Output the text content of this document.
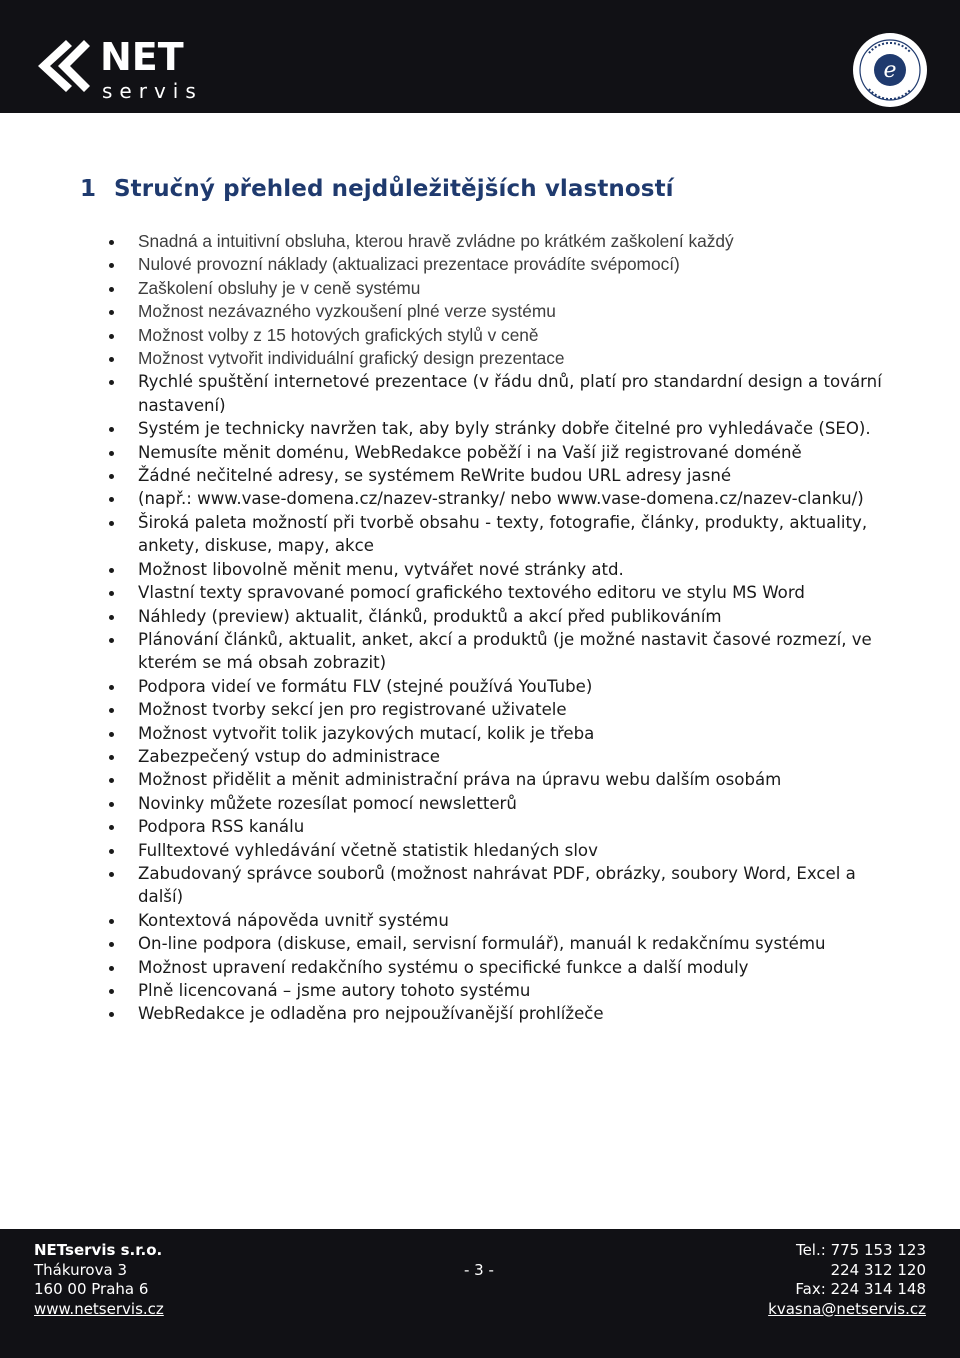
NET
servis
e
1 Stručný přehled nejdůležitějších vlastností
Snadná a intuitivní obsluha, kterou hravě zvládne po krátkém zaškolení každý
Nulové provozní náklady (aktualizaci prezentace provádíte svépomocí)
Zaškolení obsluhy je v ceně systému
Možnost nezávazného vyzkoušení plné verze systému
Možnost volby z 15 hotových grafických stylů v ceně
Možnost vytvořit individuální grafický design prezentace
Rychlé spuštění internetové prezentace (v řádu dnů, platí pro standardní design a tovární nastavení)
Systém je technicky navržen tak, aby byly stránky dobře čitelné pro vyhledávače (SEO).
Nemusíte měnit doménu, WebRedakce poběží i na Vaší již registrované doméně
Žádné nečitelné adresy, se systémem ReWrite budou URL adresy jasné
(např.: www.vase-domena.cz/nazev-stranky/ nebo www.vase-domena.cz/nazev-clanku/)
Široká paleta možností při tvorbě obsahu - texty, fotografie, články, produkty, aktuality, ankety, diskuse, mapy, akce
Možnost libovolně měnit menu, vytvářet nové stránky atd.
Vlastní texty spravované pomocí grafického textového editoru ve stylu MS Word
Náhledy (preview) aktualit, článků, produktů a akcí před publikováním
Plánování článků, aktualit, anket, akcí a produktů (je možné nastavit časové rozmezí, ve kterém se má obsah zobrazit)
Podpora videí ve formátu FLV (stejné používá YouTube)
Možnost tvorby sekcí jen pro registrované uživatele
Možnost vytvořit tolik jazykových mutací, kolik je třeba
Zabezpečený vstup do administrace
Možnost přidělit a měnit administrační práva na úpravu webu dalším osobám
Novinky můžete rozesílat pomocí newsletterů
Podpora RSS kanálu
Fulltextové vyhledávání včetně statistik hledaných slov
Zabudovaný správce souborů (možnost nahrávat PDF, obrázky, soubory Word, Excel a další)
Kontextová nápověda uvnitř systému
On-line podpora (diskuse, email, servisní formulář), manuál k redakčnímu systému
Možnost upravení redakčního systému o specifické funkce a další moduly
Plně licencovaná – jsme autory tohoto systému
WebRedakce je odladěna pro nejpoužívanější prohlížeče
NETservis s.r.o.
Thákurova 3
160 00 Praha 6
www.netservis.cz
- 3 -
Tel.: 775 153 123
224 312 120
Fax: 224 314 148
kvasna@netservis.cz
